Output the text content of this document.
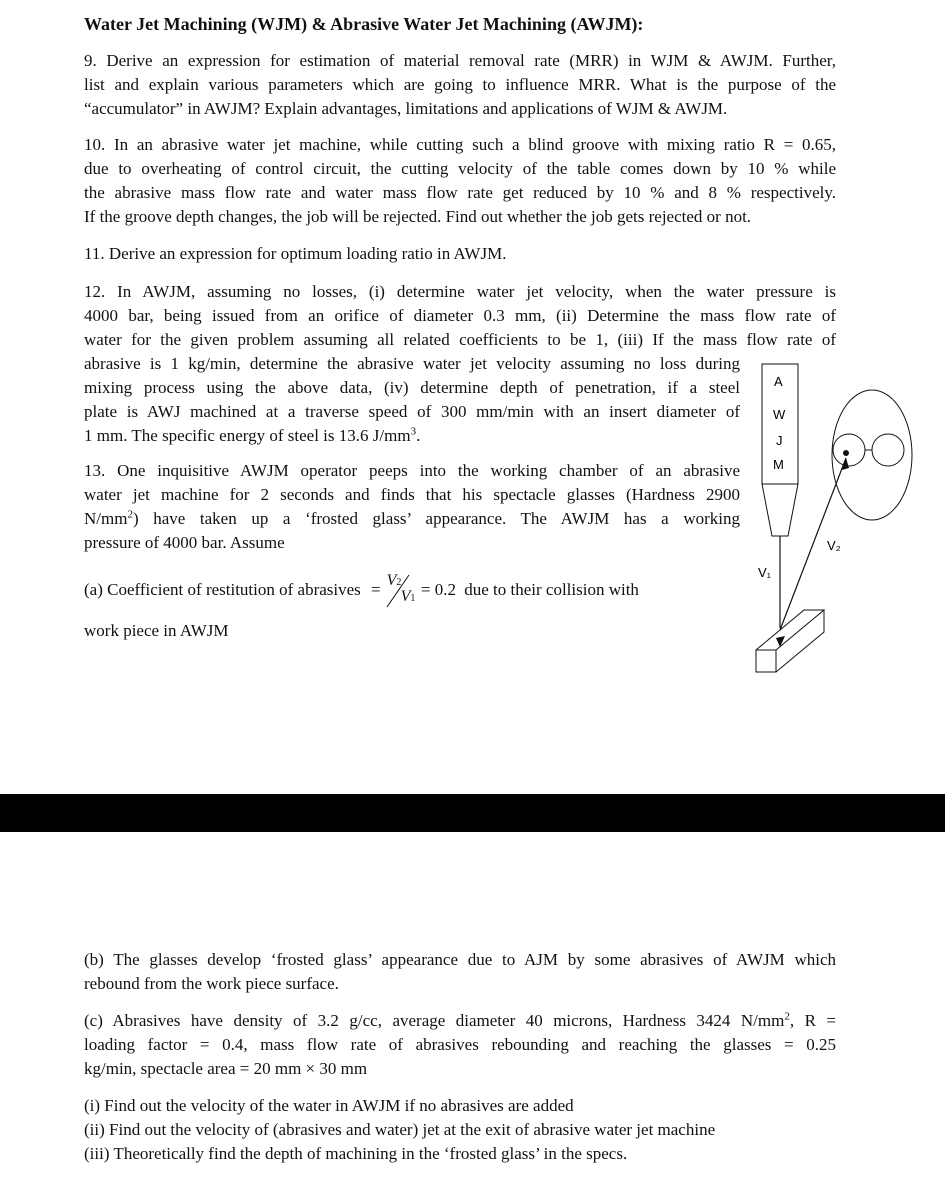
Water Jet Machining (WJM) & Abrasive Water Jet Machining (AWJM):
9. Derive an expression for estimation of material removal rate (MRR) in WJM & AWJM. Further,
list and explain various parameters which are going to influence MRR. What is the purpose of the
“accumulator” in AWJM? Explain advantages, limitations and applications of WJM & AWJM.
10. In an abrasive water jet machine, while cutting such a blind groove with mixing ratio R = 0.65,
due to overheating of control circuit, the cutting velocity of the table comes down by 10 % while
the abrasive mass flow rate and water mass flow rate get reduced by 10 % and 8 % respectively.
If the groove depth changes, the job will be rejected. Find out whether the job gets rejected or not.
11. Derive an expression for optimum loading ratio in AWJM.
12. In AWJM, assuming no losses, (i) determine water jet velocity, when the water pressure is
4000 bar, being issued from an orifice of diameter 0.3 mm, (ii) Determine the mass flow rate of
water for the given problem assuming all related coefficients to be 1, (iii) If the mass flow rate of
abrasive is 1 kg/min, determine the abrasive water jet velocity assuming no loss during
mixing process using the above data, (iv) determine depth of penetration, if a steel
plate is AWJ machined at a traverse speed of 300 mm/min with an insert diameter of
1 mm. The specific energy of steel is 13.6 $J/mm^3$.
13. One inquisitive AWJM operator peeps into the working chamber of an abrasive
water jet machine for 2 seconds and finds that his spectacle glasses (Hardness 2900
$N/mm^2$) have taken up a ‘frosted glass’ appearance. The AWJM has a working
pressure of 4000 bar. Assume
(a) Coefficient of restitution of abrasives = V2
V1 = 0.2 due to their collision with
work piece in AWJM
A
W
J
M
V₁
V₂
(b) The glasses develop ‘frosted glass’ appearance due to AJM by some abrasives of AWJM which
rebound from the work piece surface.
(c) Abrasives have density of 3.2 g/cc, average diameter 40 microns, Hardness 3424 $N/mm^2$, R =
loading factor = 0.4, mass flow rate of abrasives rebounding and reaching the glasses = 0.25
kg/min, spectacle area = 20 mm × 30 mm
(i) Find out the velocity of the water in AWJM if no abrasives are added
(ii) Find out the velocity of (abrasives and water) jet at the exit of abrasive water jet machine
(iii) Theoretically find the depth of machining in the ‘frosted glass’ in the specs.
